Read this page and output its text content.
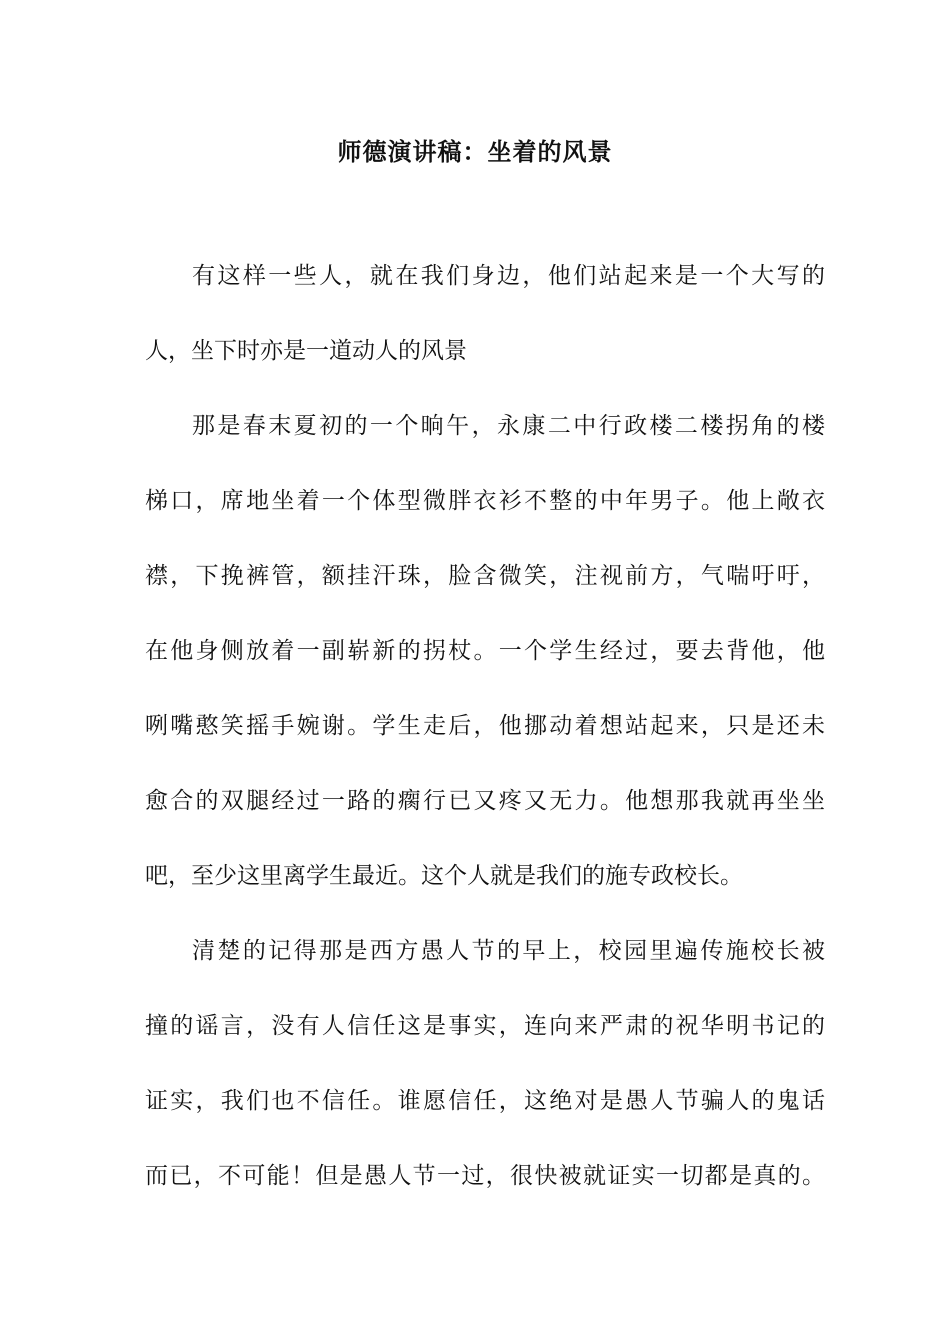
师德演讲稿：坐着的风景
有这样一些人，就在我们身边，他们站起来是一个大写的
人，坐下时亦是一道动人的风景
那是春末夏初的一个晌午，永康二中行政楼二楼拐角的楼
梯口，席地坐着一个体型微胖衣衫不整的中年男子。他上敞衣
襟，下挽裤管，额挂汗珠，脸含微笑，注视前方，气喘吁吁，
在他身侧放着一副崭新的拐杖。一个学生经过，要去背他，他
咧嘴憨笑摇手婉谢。学生走后，他挪动着想站起来，只是还未
愈合的双腿经过一路的瘸行已又疼又无力。他想那我就再坐坐
吧，至少这里离学生最近。这个人就是我们的施专政校长。
清楚的记得那是西方愚人节的早上，校园里遍传施校长被
撞的谣言，没有人信任这是事实，连向来严肃的祝华明书记的
证实，我们也不信任。谁愿信任，这绝对是愚人节骗人的鬼话
而已，不可能！但是愚人节一过，很快被就证实一切都是真的。
